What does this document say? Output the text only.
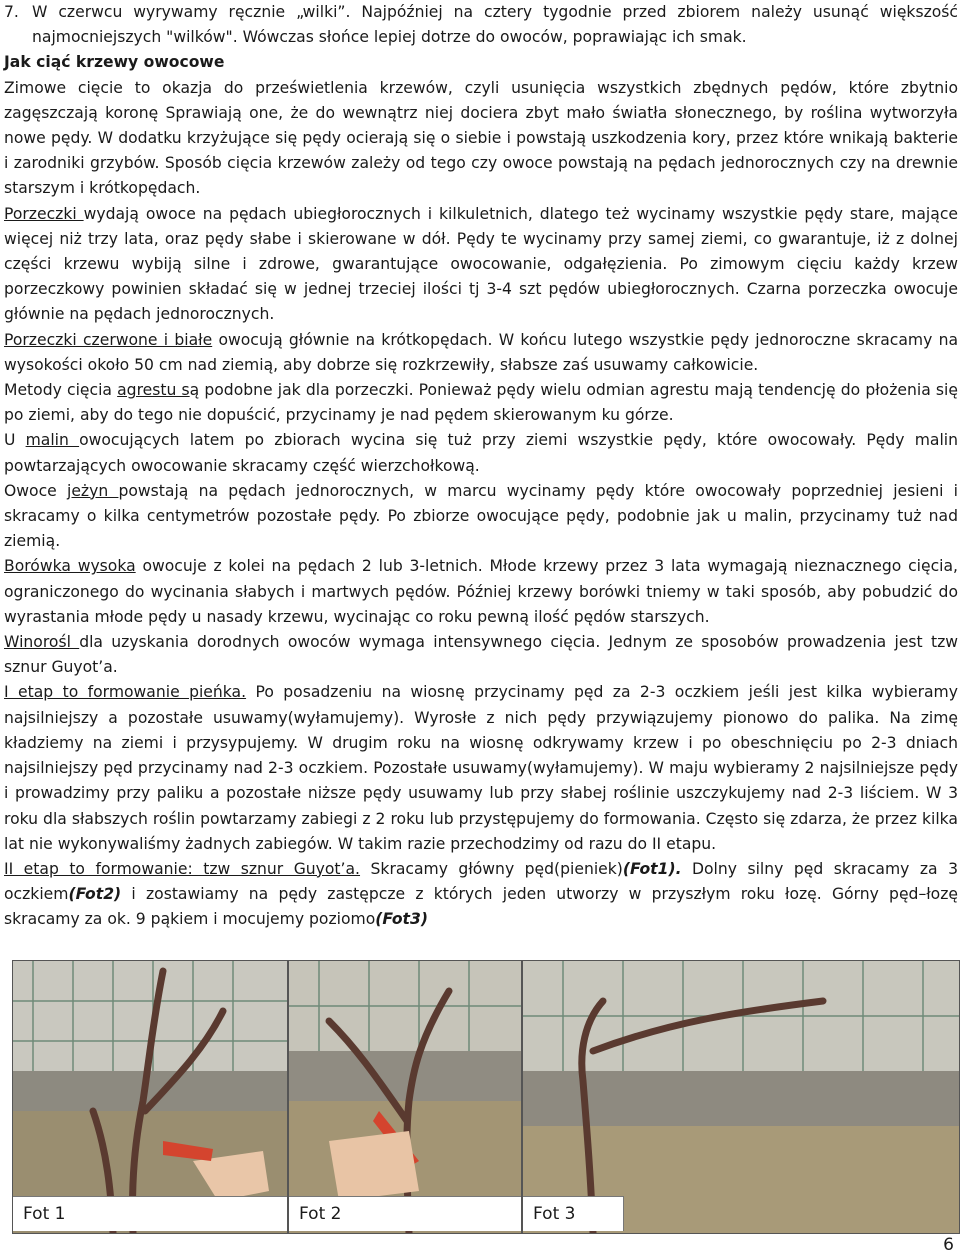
7. W czerwcu wyrywamy ręcznie „wilki”. Najpóźniej na cztery tygodnie przed zbiorem należy usunąć większość najmocniejszych "wilków". Wówczas słońce lepiej dotrze do owoców, poprawiając ich smak.

Jak ciąć krzewy owocowe

Zimowe cięcie to okazja do prześwietlenia krzewów, czyli usunięcia wszystkich zbędnych pędów, które zbytnio zagęszczają koronę Sprawiają one, że do wewnątrz niej dociera zbyt mało światła słonecznego, by roślina wytworzyła nowe pędy. W dodatku krzyżujące się pędy ocierają się o siebie i powstają uszkodzenia kory, przez które wnikają bakterie i zarodniki grzybów. Sposób cięcia krzewów zależy od tego czy owoce powstają na pędach jednorocznych czy na drewnie starszym i krótkopędach.

Porzeczki wydają owoce na pędach ubiegłorocznych i kilkuletnich, dlatego też wycinamy wszystkie pędy stare, mające więcej niż trzy lata, oraz pędy słabe i skierowane w dół. Pędy te wycinamy przy samej ziemi, co gwarantuje, iż z dolnej części krzewu wybiją silne i zdrowe, gwarantujące owocowanie, odgałęzienia. Po zimowym cięciu każdy krzew porzeczkowy powinien składać się w jednej trzeciej ilości tj 3-4 szt pędów ubiegłorocznych. Czarna porzeczka owocuje głównie na pędach jednorocznych.

Porzeczki czerwone i białe owocują głównie na krótkopędach. W końcu lutego wszystkie pędy jednoroczne skracamy na wysokości około 50 cm nad ziemią, aby dobrze się rozkrzewiły, słabsze zaś usuwamy całkowicie.

Metody cięcia agrestu są podobne jak dla porzeczki. Ponieważ pędy wielu odmian agrestu mają tendencję do płożenia się po ziemi, aby do tego nie dopuścić, przycinamy je nad pędem skierowanym ku górze.

U malin owocujących latem po zbiorach wycina się tuż przy ziemi wszystkie pędy, które owocowały. Pędy malin powtarzających owocowanie skracamy część wierzchołkową.

Owoce jeżyn powstają na pędach jednorocznych, w marcu wycinamy pędy które owocowały poprzedniej jesieni i skracamy o kilka centymetrów pozostałe pędy. Po zbiorze owocujące pędy, podobnie jak u malin, przycinamy tuż nad ziemią.

Borówka wysoka owocuje z kolei na pędach 2 lub 3-letnich. Młode krzewy przez 3 lata wymagają nieznacznego cięcia, ograniczonego do wycinania słabych i martwych pędów. Później krzewy borówki tniemy w taki sposób, aby pobudzić do wyrastania młode pędy u nasady krzewu, wycinając co roku pewną ilość pędów starszych.

Winorośl dla uzyskania dorodnych owoców wymaga intensywnego cięcia. Jednym ze sposobów prowadzenia jest tzw sznur Guyot’a.

I etap to formowanie pieńka. Po posadzeniu na wiosnę przycinamy pęd za 2-3 oczkiem jeśli jest kilka wybieramy najsilniejszy a pozostałe usuwamy(wyłamujemy). Wyrosłe z nich pędy przywiązujemy pionowo do palika. Na zimę kładziemy na ziemi i przysypujemy. W drugim roku na wiosnę odkrywamy krzew i po obeschnięciu po 2-3 dniach najsilniejszy pęd przycinamy nad 2-3 oczkiem. Pozostałe usuwamy(wyłamujemy). W maju wybieramy 2 najsilniejsze pędy i prowadzimy przy paliku a pozostałe niższe pędy usuwamy lub przy słabej roślinie uszczykujemy nad 2-3 liściem. W 3 roku dla słabszych roślin powtarzamy zabiegi z 2 roku lub przystępujemy do formowania. Często się zdarza, że przez kilka lat nie wykonywaliśmy żadnych zabiegów. W takim razie przechodzimy od razu do II etapu.

II etap to formowanie: tzw sznur Guyot’a. Skracamy główny pęd(pieniek)(Fot1). Dolny silny pęd skracamy za 3 oczkiem(Fot2) i zostawiamy na pędy zastępcze z których jeden utworzy w przyszłym roku łozę. Górny pęd–łozę skracamy za ok. 9 pąkiem i mocujemy poziomo(Fot3)

Fot 1	Fot 2	Fot 3
6
